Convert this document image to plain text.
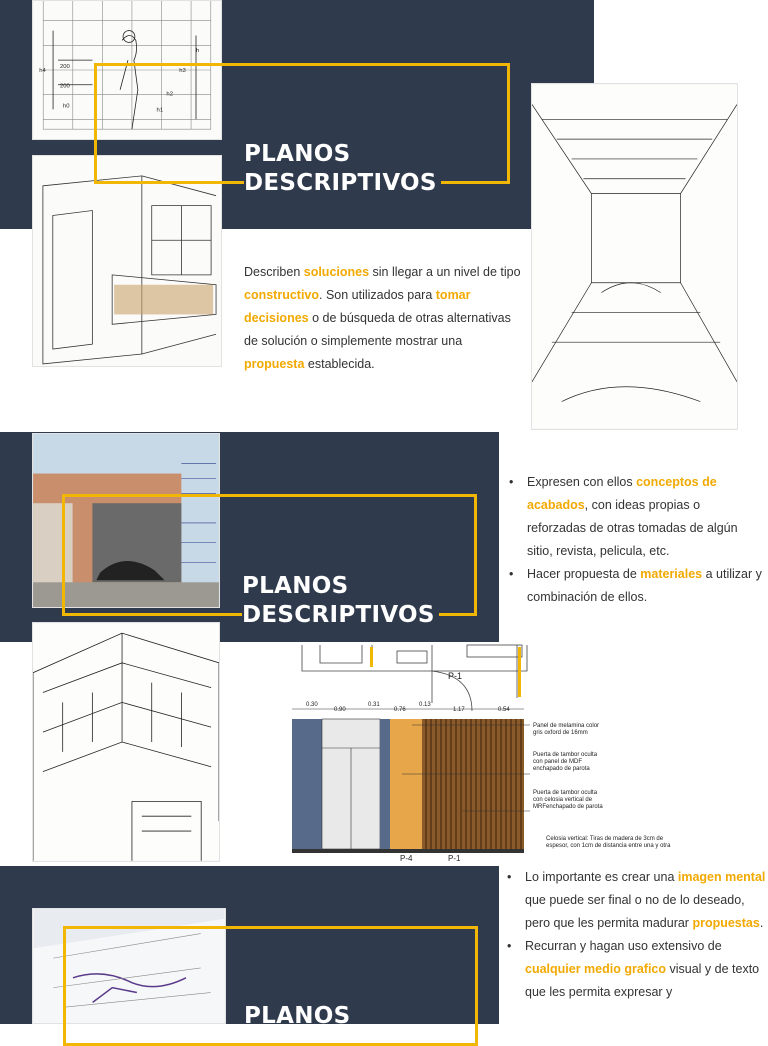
h4
200
200
h
h3
h2
h1
h0
PLANOS
DESCRIPTIVOS
Describen soluciones sin llegar a un nivel de tipo constructivo. Son utilizados para tomar decisiones o de búsqueda de otras alternativas de solución o simplemente mostrar una propuesta establecida.
PLANOS
DESCRIPTIVOS
• Expresen con ellos conceptos de acabados, con ideas propias o reforzadas de otras tomadas de algún sitio, revista, pelicula, etc.
• Hacer propuesta de materiales a utilizar y combinación de ellos.
P-1
0.30
0.90
0.31
0.76
0.13
1.17	0.54
Panel de melamina color
gris oxford de 16mm
Puerta de tambor oculta
con panel de MDF
enchapado de parota
Puerta de tambor oculta
con celosia vertical de
MRFenchapado de parota
Celosia vertical: Tiras de madera de 3cm de
espesor, con 1cm de distancia entre una y otra
P-4	P-1
PLANOS
• Lo importante es crear una imagen mental que puede ser final o no de lo deseado, pero que les permita madurar propuestas.
• Recurran y hagan uso extensivo de cualquier medio grafico visual y de texto que les permita expresar y
